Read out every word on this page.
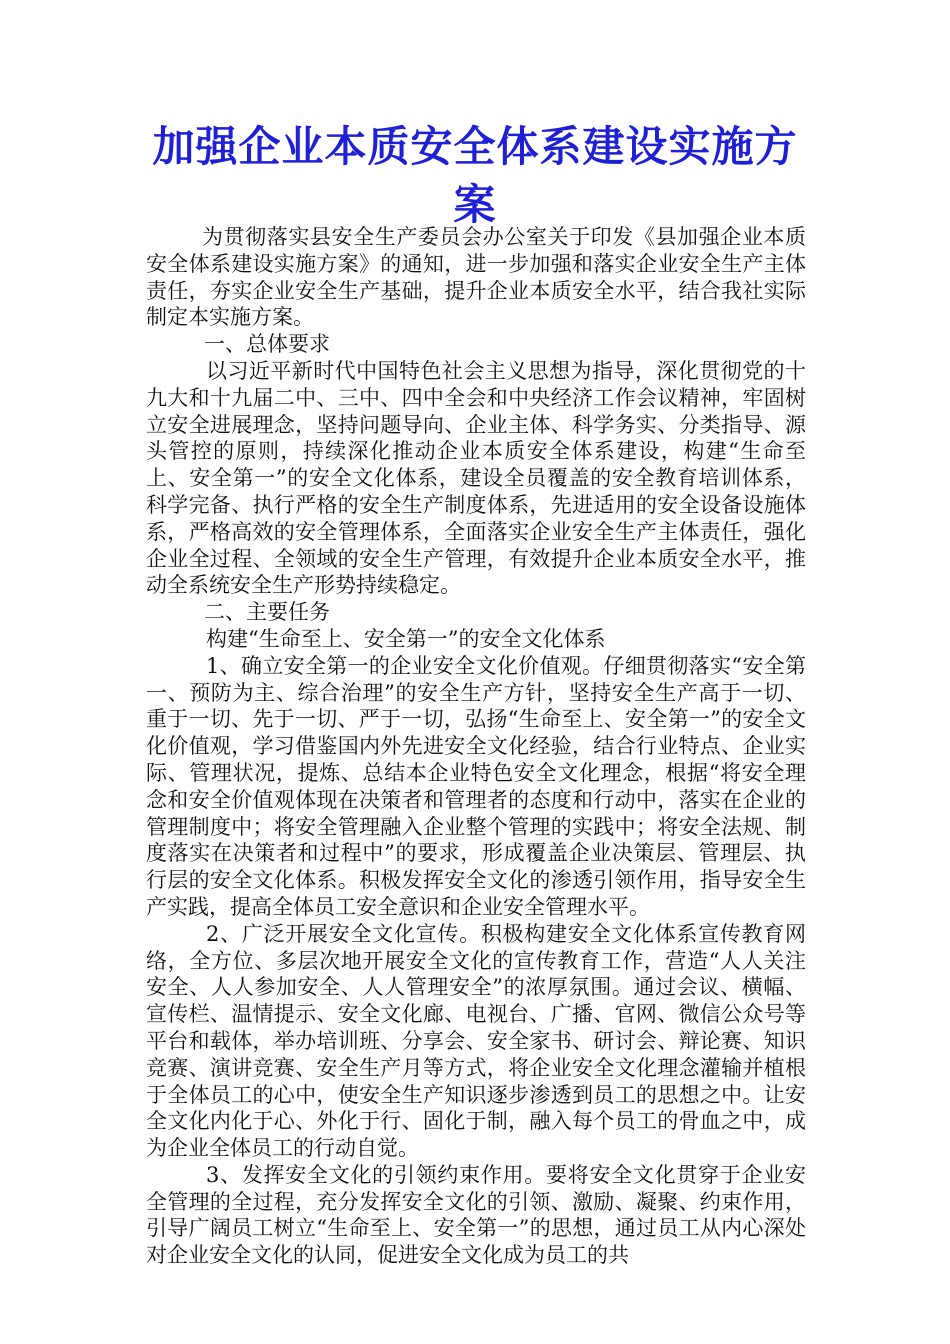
加强企业本质安全体系建设实施方案

为贯彻落实县安全生产委员会办公室关于印发《县加强企业本质安全体系建设实施方案》的通知，进一步加强和落实企业安全生产主体责任，夯实企业安全生产基础，提升企业本质安全水平，结合我社实际制定本实施方案。

一、总体要求

以习近平新时代中国特色社会主义思想为指导，深化贯彻党的十九大和十九届二中、三中、四中全会和中央经济工作会议精神，牢固树立安全进展理念，坚持问题导向、企业主体、科学务实、分类指导、源头管控的原则，持续深化推动企业本质安全体系建设，构建“生命至上、安全第一”的安全文化体系，建设全员覆盖的安全教育培训体系，科学完备、执行严格的安全生产制度体系，先进适用的安全设备设施体系，严格高效的安全管理体系，全面落实企业安全生产主体责任，强化企业全过程、全领域的安全生产管理，有效提升企业本质安全水平，推动全系统安全生产形势持续稳定。

二、主要任务

构建“生命至上、安全第一”的安全文化体系

1、确立安全第一的企业安全文化价值观。仔细贯彻落实“安全第一、预防为主、综合治理”的安全生产方针，坚持安全生产高于一切、重于一切、先于一切、严于一切，弘扬“生命至上、安全第一”的安全文化价值观，学习借鉴国内外先进安全文化经验，结合行业特点、企业实际、管理状况，提炼、总结本企业特色安全文化理念，根据“将安全理念和安全价值观体现在决策者和管理者的态度和行动中，落实在企业的管理制度中；将安全管理融入企业整个管理的实践中；将安全法规、制度落实在决策者和过程中”的要求，形成覆盖企业决策层、管理层、执行层的安全文化体系。积极发挥安全文化的渗透引领作用，指导安全生产实践，提高全体员工安全意识和企业安全管理水平。

2、广泛开展安全文化宣传。积极构建安全文化体系宣传教育网络，全方位、多层次地开展安全文化的宣传教育工作，营造“人人关注安全、人人参加安全、人人管理安全”的浓厚氛围。通过会议、横幅、宣传栏、温情提示、安全文化廊、电视台、广播、官网、微信公众号等平台和载体，举办培训班、分享会、安全家书、研讨会、辩论赛、知识竞赛、演讲竞赛、安全生产月等方式，将企业安全文化理念灌输并植根于全体员工的心中，使安全生产知识逐步渗透到员工的思想之中。让安全文化内化于心、外化于行、固化于制，融入每个员工的骨血之中，成为企业全体员工的行动自觉。

3、发挥安全文化的引领约束作用。要将安全文化贯穿于企业安全管理的全过程，充分发挥安全文化的引领、激励、凝聚、约束作用，引导广阔员工树立“生命至上、安全第一”的思想，通过员工从内心深处对企业安全文化的认同，促进安全文化成为员工的共
